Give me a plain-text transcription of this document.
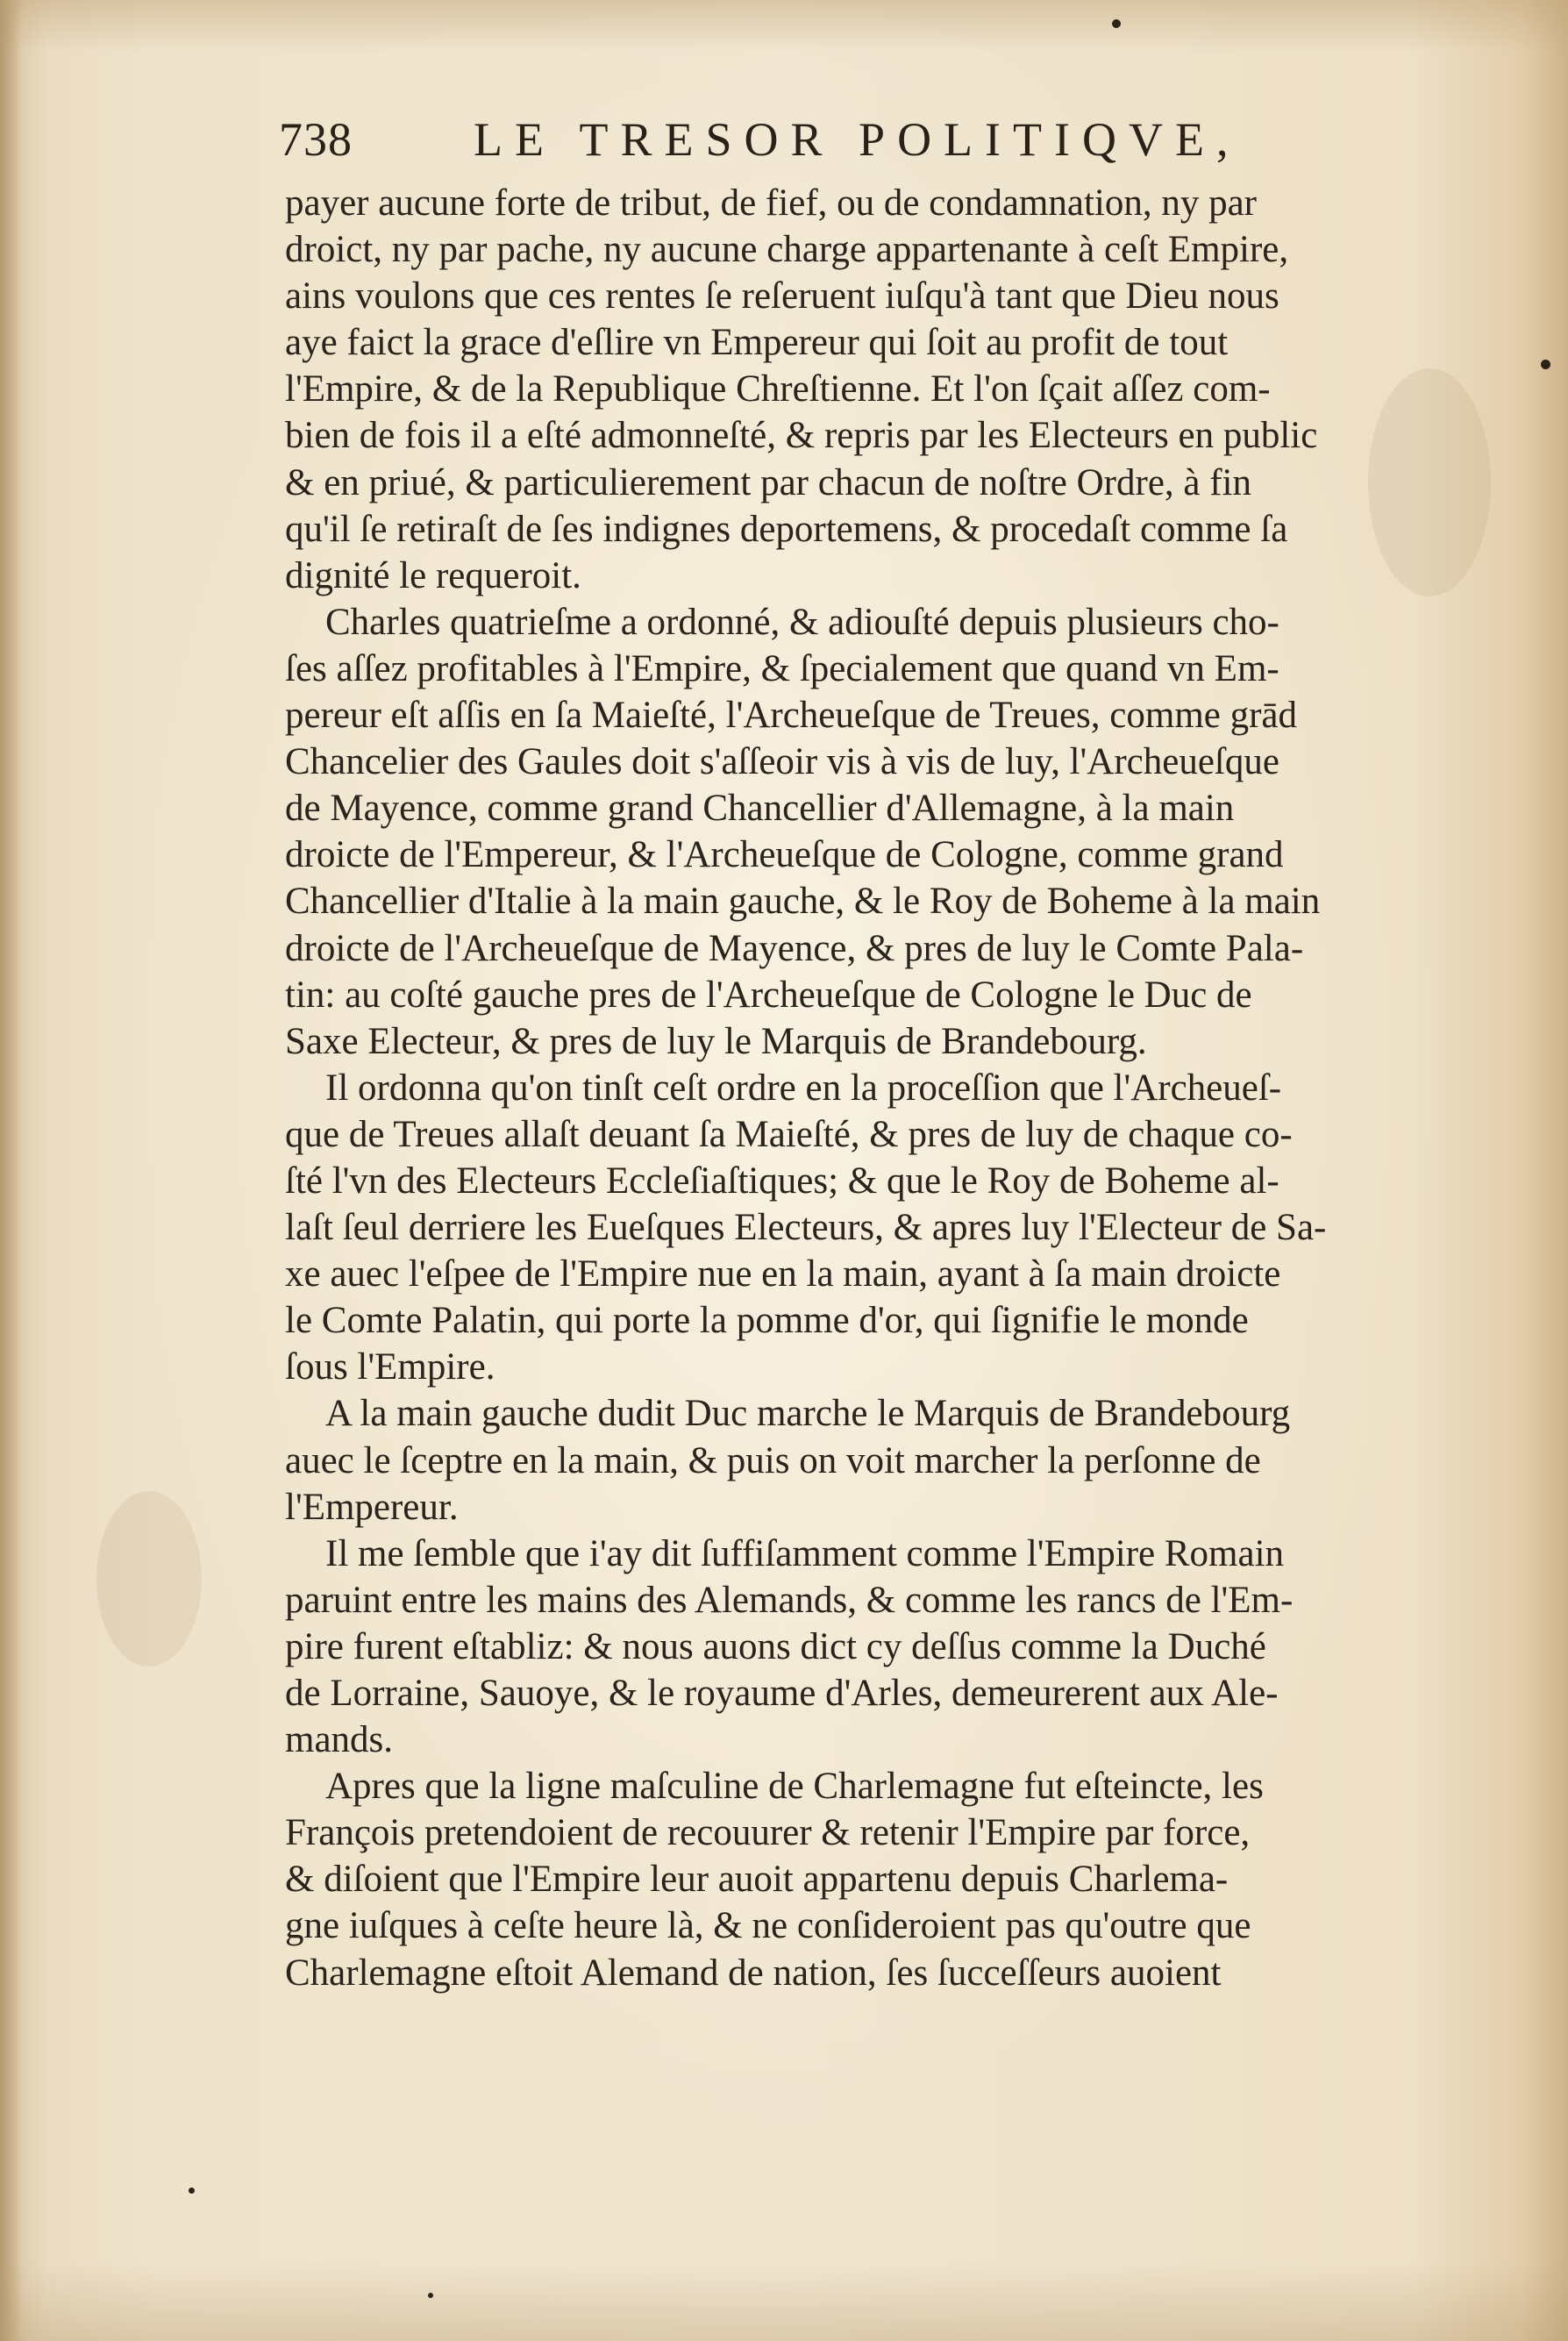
738	LE TRESOR POLITIQVE,
payer aucune forte de tribut, de fief, ou de condamnation, ny par
droict, ny par pache, ny aucune charge appartenante à ceſt Empire,
ains voulons que ces rentes ſe reſeruent iuſqu'à tant que Dieu nous
aye faict la grace d'eſlire vn Empereur qui ſoit au profit de tout
l'Empire, & de la Republique Chreſtienne. Et l'on ſçait aſſez com-
bien de fois il a eſté admonneſté, & repris par les Electeurs en public
& en priué, & particulierement par chacun de noſtre Ordre, à fin
qu'il ſe retiraſt de ſes indignes deportemens, & procedaſt comme ſa
dignité le requeroit.
Charles quatrieſme a ordonné, & adiouſté depuis plusieurs cho-
ſes aſſez profitables à l'Empire, & ſpecialement que quand vn Em-
pereur eſt aſſis en ſa Maieſté, l'Archeueſque de Treues, comme grād
Chancelier des Gaules doit s'aſſeoir vis à vis de luy, l'Archeueſque
de Mayence, comme grand Chancellier d'Allemagne, à la main
droicte de l'Empereur, & l'Archeueſque de Cologne, comme grand
Chancellier d'Italie à la main gauche, & le Roy de Boheme à la main
droicte de l'Archeueſque de Mayence, & pres de luy le Comte Pala-
tin: au coſté gauche pres de l'Archeueſque de Cologne le Duc de
Saxe Electeur, & pres de luy le Marquis de Brandebourg.
Il ordonna qu'on tinſt ceſt ordre en la proceſſion que l'Archeueſ-
que de Treues allaſt deuant ſa Maieſté, & pres de luy de chaque co-
ſté l'vn des Electeurs Eccleſiaſtiques; & que le Roy de Boheme al-
laſt ſeul derriere les Eueſques Electeurs, & apres luy l'Electeur de Sa-
xe auec l'eſpee de l'Empire nue en la main, ayant à ſa main droicte
le Comte Palatin, qui porte la pomme d'or, qui ſignifie le monde
ſous l'Empire.
A la main gauche dudit Duc marche le Marquis de Brandebourg
auec le ſceptre en la main, & puis on voit marcher la perſonne de
l'Empereur.
Il me ſemble que i'ay dit ſuffiſamment comme l'Empire Romain
paruint entre les mains des Alemands, & comme les rancs de l'Em-
pire furent eſtabliz: & nous auons dict cy deſſus comme la Duché
de Lorraine, Sauoye, & le royaume d'Arles, demeurerent aux Ale-
mands.
Apres que la ligne maſculine de Charlemagne fut eſteincte, les
François pretendoient de recouurer & retenir l'Empire par force,
& diſoient que l'Empire leur auoit appartenu depuis Charlema-
gne iuſques à ceſte heure là, & ne conſideroient pas qu'outre que
Charlemagne eſtoit Alemand de nation, ſes ſucceſſeurs auoient
